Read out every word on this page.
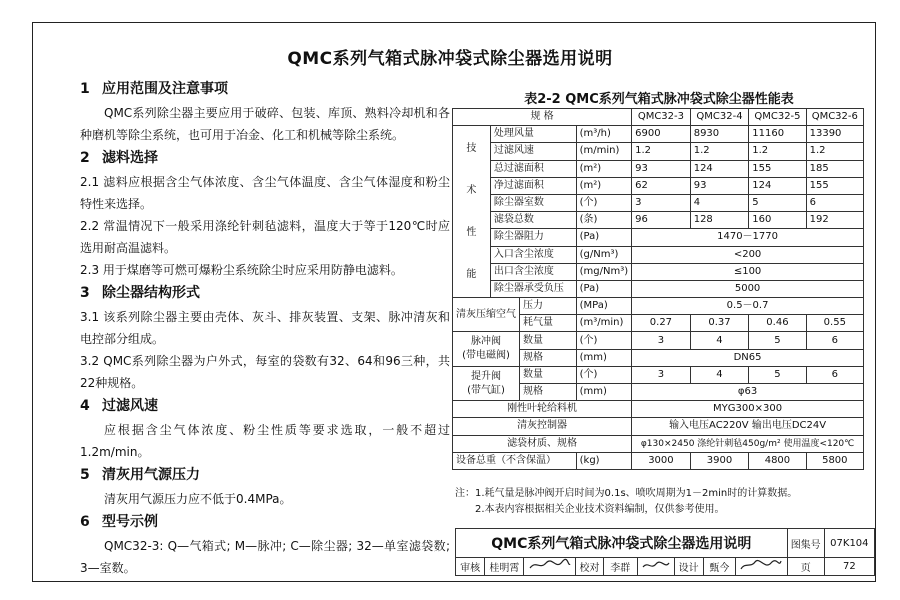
QMC系列气箱式脉冲袋式除尘器选用说明
1 应用范围及注意事项

QMC系列除尘器主要应用于破碎、包装、库顶、熟料冷却机和各种磨机等除尘系统，也可用于冶金、化工和机械等除尘系统。

2 滤料选择

2.1 滤料应根据含尘气体浓度、含尘气体温度、含尘气体湿度和粉尘特性来选择。

2.2 常温情况下一般采用涤纶针刺毡滤料，温度大于等于120℃时应选用耐高温滤料。

2.3 用于煤磨等可燃可爆粉尘系统除尘时应采用防静电滤料。

3 除尘器结构形式

3.1 该系列除尘器主要由壳体、灰斗、排灰装置、支架、脉冲清灰和电控部分组成。

3.2 QMC系列除尘器为户外式，每室的袋数有32、64和96三种，共22种规格。

4 过滤风速

应根据含尘气体浓度、粉尘性质等要求选取，一般不超过1.2m/min。

5 清灰用气源压力

清灰用气源压力应不低于0.4MPa。

6 型号示例

QMC32-3: Q—气箱式; M—脉冲; C—除尘器; 32—单室滤袋数; 3—室数。

表2-2 QMC系列气箱式脉冲袋式除尘器性能表
规 格				QMC32-3	QMC32-4	QMC32-5	QMC32-6

技

术

性

能	处理风量		(m³/h)	6900	8930	11160	13390
	过滤风速		(m/min)	1.2	1.2	1.2	1.2
	总过滤面积		(m²)	93	124	155	185
	净过滤面积		(m²)	62	93	124	155
	除尘器室数		(个)	3	4	5	6
	滤袋总数		(条)	96	128	160	192
	除尘器阻力		(Pa)	1470－1770			
	入口含尘浓度		(g/Nm³)	<200			
	出口含尘浓度		(mg/Nm³)	≤100			
	除尘器承受负压		(Pa)	5000			
清灰压缩空气		压力	(MPa)	0.5－0.7			
		耗气量	(m³/min)	0.27	0.37	0.46	0.55
脉冲阀
(带电磁阀)		数量	(个)	3	4	5	6
		规格	(mm)	DN65			
提升阀
(带气缸)		数量	(个)	3	4	5	6
		规格	(mm)	φ63			
刚性叶轮给料机				MYG300×300			
清灰控制器				输入电压AC220V 输出电压DC24V			
滤袋材质、规格				φ130×2450 涤纶针刺毡450g/m² 使用温度<120℃			
设备总重（不含保温）			(kg)	3000	3900	4800	5800
注：1.耗气量是脉冲阀开启时间为0.1s、喷吹周期为1－2min时的计算数据。
2.本表内容根据相关企业技术资料编制，仅供参考使用。
QMC系列气箱式脉冲袋式除尘器选用说明									图集号	07K104
审核	桂明霄		校对	李群		设计	甄今		页	72
